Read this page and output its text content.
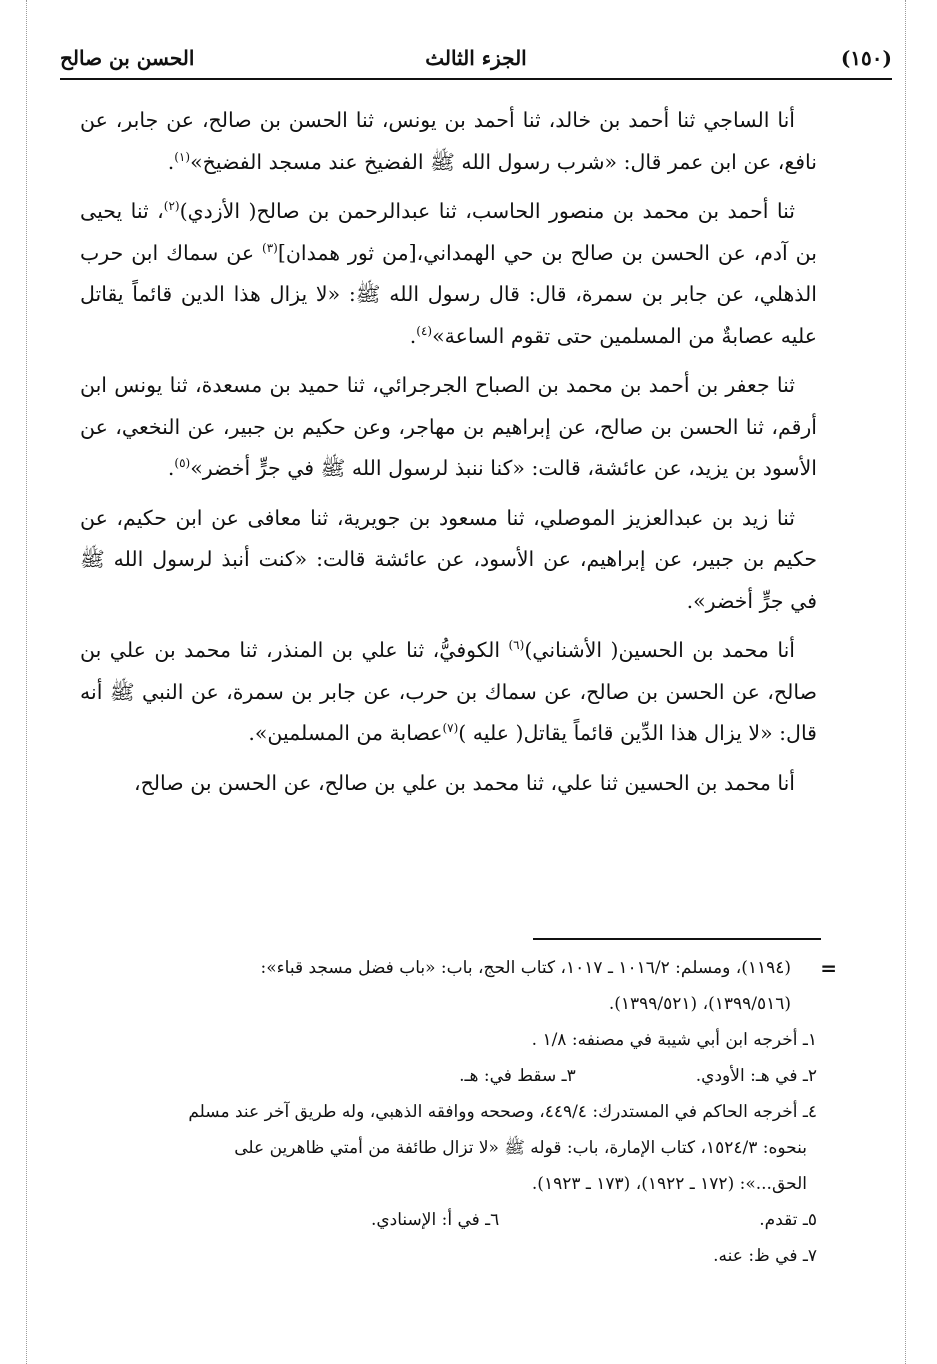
(١٥٠)
الجزء الثالث
الحسن بن صالح

أنا الساجي ثنا أحمد بن خالد، ثنا أحمد بن يونس، ثنا الحسن بن صالح، عن جابر، عن نافع، عن ابن عمر قال: «شرب رسول الله ﷺ الفضيخ عند مسجد الفضيخ»$^{(١)}$.

ثنا أحمد بن محمد بن منصور الحاسب، ثنا عبدالرحمن بن صالح( الأزدي)$^{(٢)}$، ثنا يحيى بن آدم، عن الحسن بن صالح بن حي الهمداني،[من ثور همدان]$^{(٣)}$ عن سماك ابن حرب الذهلي، عن جابر بن سمرة، قال: قال رسول الله ﷺ: «لا يزال هذا الدين قائماً يقاتل عليه عصابةٌ من المسلمين حتى تقوم الساعة»$^{(٤)}$.

ثنا جعفر بن أحمد بن محمد بن الصباح الجرجرائي، ثنا حميد بن مسعدة، ثنا يونس ابن أرقم، ثنا الحسن بن صالح، عن إبراهيم بن مهاجر، وعن حكيم بن جبير، عن النخعي، عن الأسود بن يزيد، عن عائشة، قالت: «كنا ننبذ لرسول الله ﷺ في جرٍّ أخضر»$^{(٥)}$.

ثنا زيد بن عبدالعزيز الموصلي، ثنا مسعود بن جويرية، ثنا معافى عن ابن حكيم، عن حكيم بن جبير، عن إبراهيم، عن الأسود، عن عائشة قالت: «كنت أنبذ لرسول الله ﷺ في جرٍّ أخضر».

أنا محمد بن الحسين( الأشناني)$^{(٦)}$ الكوفيُّ، ثنا علي بن المنذر، ثنا محمد بن علي بن صالح، عن الحسن بن صالح، عن سماك بن حرب، عن جابر بن سمرة، عن النبي ﷺ أنه قال: «لا يزال هذا الدِّين قائماً يقاتل( عليه )$^{(٧)}$عصابة من المسلمين».

أنا محمد بن الحسين ثنا علي، ثنا محمد بن علي بن صالح، عن الحسن بن صالح،

=

(١١٩٤)، ومسلم: ١٠١٦/٢ ـ ١٠١٧، كتاب الحج، باب: «باب فضل مسجد قباء»:

(١٣٩٩/٥١٦)، (١٣٩٩/٥٢١).

١ـ أخرجه ابن أبي شيبة في مصنفه: ١/٨ .

٢ـ في هـ: الأودي.
٣ـ سقط في: هـ.

٤ـ أخرجه الحاكم في المستدرك: ٤٤٩/٤، وصححه ووافقه الذهبي، وله طريق آخر عند مسلم

بنحوه: ١٥٢٤/٣، كتاب الإمارة، باب: قوله ﷺ «لا تزال طائفة من أمتي ظاهرين على

الحق...»: (١٧٢ ـ ١٩٢٢)، (١٧٣ ـ ١٩٢٣).

٥ـ تقدم.
٦ـ في أ: الإسنادي.

٧ـ في ظ: عنه.
